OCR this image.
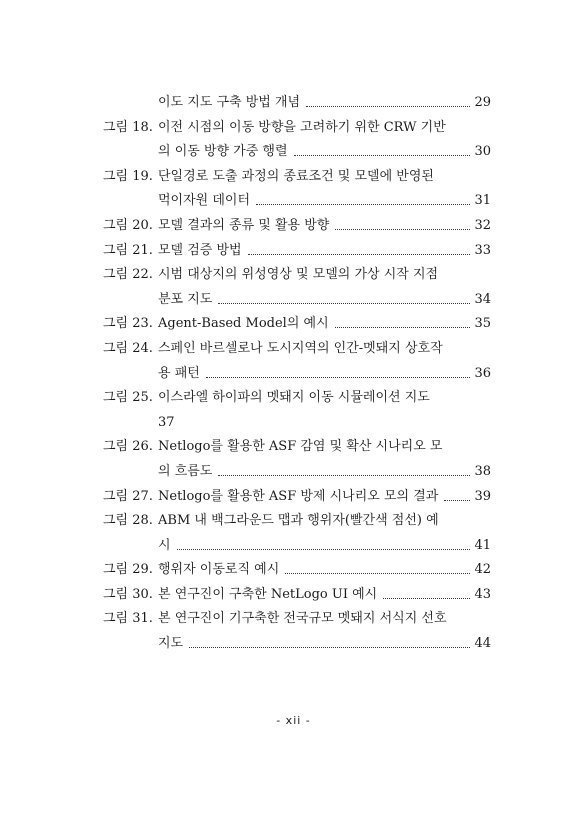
이도 지도 구축 방법 개념	29
그림 18. 이전 시점의 이동 방향을 고려하기 위한 CRW 기반
의 이동 방향 가중 행렬	30
그림 19. 단일경로 도출 과정의 종료조건 및 모델에 반영된
먹이자원 데이터	31
그림 20. 모델 결과의 종류 및 활용 방향	32
그림 21. 모델 검증 방법	33
그림 22. 시범 대상지의 위성영상 및 모델의 가상 시작 지점
분포 지도	34
그림 23. Agent-Based Model의 예시	35
그림 24. 스페인 바르셀로나 도시지역의 인간-멧돼지 상호작
용 패턴	36
그림 25. 이스라엘 하이파의 멧돼지 이동 시뮬레이션 지도
37
그림 26. Netlogo를 활용한 ASF 감염 및 확산 시나리오 모
의 흐름도	38
그림 27. Netlogo를 활용한 ASF 방제 시나리오 모의 결과	39
그림 28. ABM 내 백그라운드 맵과 행위자(빨간색 점선) 예
시	41
그림 29. 행위자 이동로직 예시	42
그림 30. 본 연구진이 구축한 NetLogo UI 예시	43
그림 31. 본 연구진이 기구축한 전국규모 멧돼지 서식지 선호
지도	44
- xii -
